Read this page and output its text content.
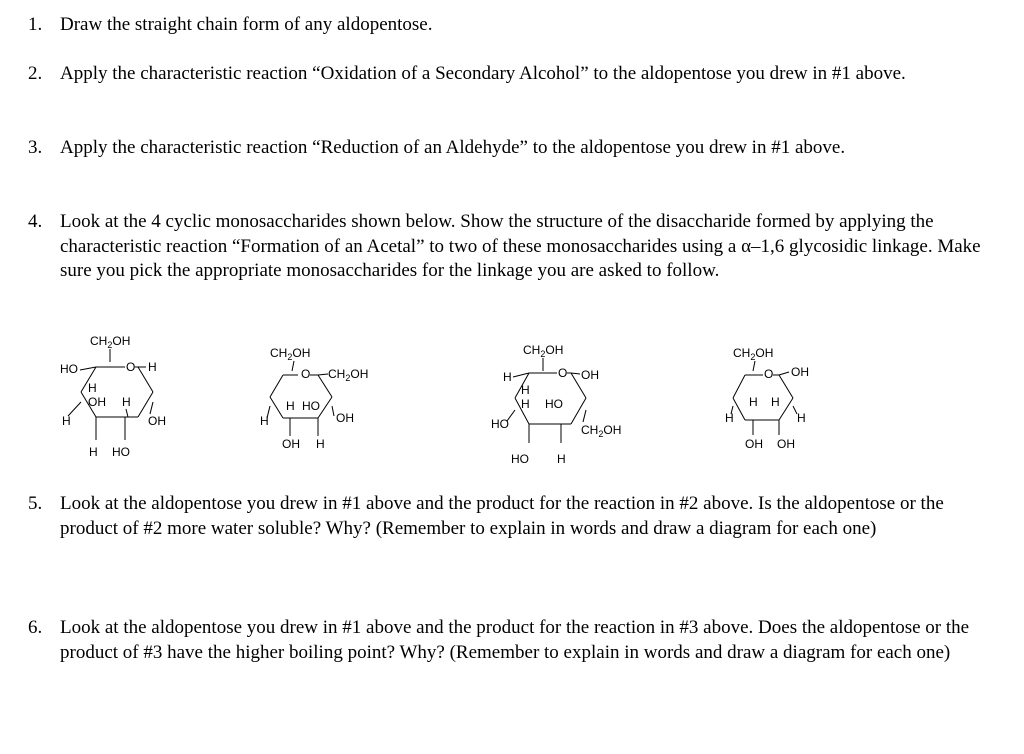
1. Draw the straight chain form of any aldopentose.
2. Apply the characteristic reaction “Oxidation of a Secondary Alcohol” to the aldopentose you drew in #1 above.
3. Apply the characteristic reaction “Reduction of an Aldehyde” to the aldopentose you drew in #1 above.
4. Look at the 4 cyclic monosaccharides shown below. Show the structure of the disaccharide formed by applying the characteristic reaction “Formation of an Acetal” to two of these monosaccharides using a α–1,6 glycosidic linkage. Make sure you pick the appropriate monosaccharides for the linkage you are asked to follow.
$CH_2OH$
O H
HO
H
OH H
H	OH
H HO
$CH_2OH$
O $CH_2OH$
H HO
H	OH
OH H
$CH_2OH$
H	O OH
H
H HO
HO	$CH_2OH$
HO H
$CH_2OH$
O OH
H H
H	H
OH OH
5. Look at the aldopentose you drew in #1 above and the product for the reaction in #2 above. Is the aldopentose or the product of #2 more water soluble? Why? (Remember to explain in words and draw a diagram for each one)
6. Look at the aldopentose you drew in #1 above and the product for the reaction in #3 above. Does the aldopentose or the product of #3 have the higher boiling point? Why? (Remember to explain in words and draw a diagram for each one)
